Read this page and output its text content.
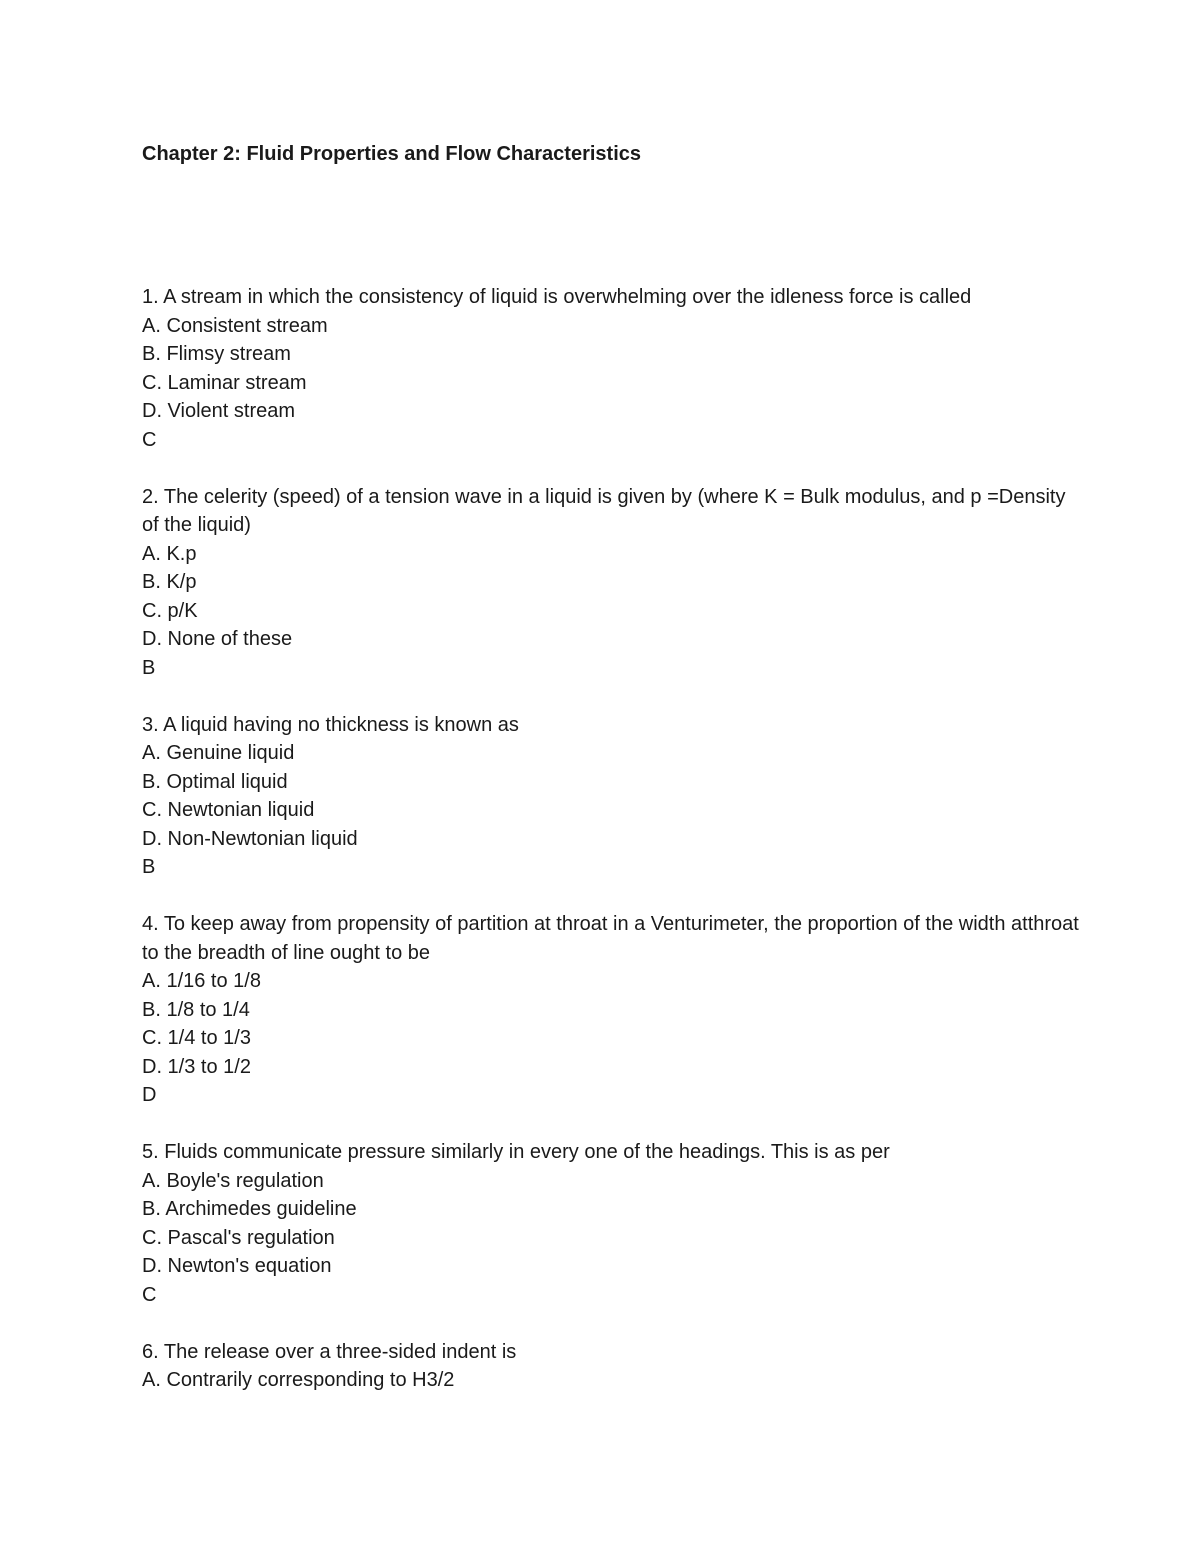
Chapter 2: Fluid Properties and Flow Characteristics
1. A stream in which the consistency of liquid is overwhelming over the idleness force is called
A. Consistent stream
B. Flimsy stream
C. Laminar stream
D. Violent stream
C
2. The celerity (speed) of a tension wave in a liquid is given by (where K = Bulk modulus, and p =Density of the liquid)
A. K.p
B. K/p
C. p/K
D. None of these
B
3. A liquid having no thickness is known as
A. Genuine liquid
B. Optimal liquid
C. Newtonian liquid
D. Non-Newtonian liquid
B
4. To keep away from propensity of partition at throat in a Venturimeter, the proportion of the width atthroat to the breadth of line ought to be
A. 1/16 to 1/8
B. 1/8 to 1/4
C. 1/4 to 1/3
D. 1/3 to 1/2
D
5. Fluids communicate pressure similarly in every one of the headings. This is as per
A. Boyle's regulation
B. Archimedes guideline
C. Pascal's regulation
D. Newton's equation
C
6. The release over a three-sided indent is
A. Contrarily corresponding to H3/2
